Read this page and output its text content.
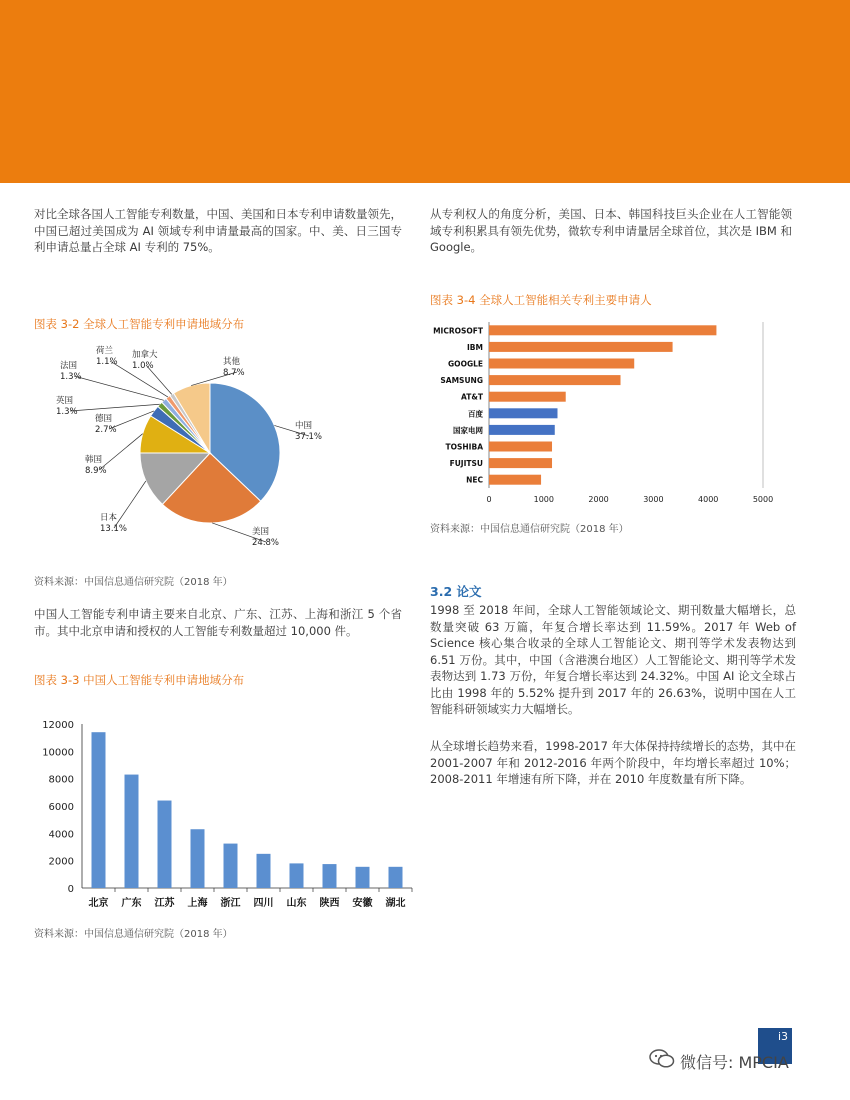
对比全球各国人工智能专利数量，中国、美国和日本专利申请数量领先，中国已超过美国成为 AI 领域专利申请量最高的国家。中、美、日三国专利申请总量占全球 AI 专利的 75%。

从专利权人的角度分析，美国、日本、韩国科技巨头企业在人工智能领域专利积累具有领先优势，微软专利申请量居全球首位，其次是 IBM 和 Google。

图表 3-2 全球人工智能专利申请地域分布
中国
37.1%
美国
24.8%
日本
13.1%
韩国
8.9%
德国
2.7%
英国
1.3%
法国
1.3%
荷兰
1.1%
加拿大
1.0%	其他
8.7%
资料来源：中国信息通信研究院（2018 年）

中国人工智能专利申请主要来自北京、广东、江苏、上海和浙江 5 个省市。其中北京申请和授权的人工智能专利数量超过 10,000 件。

图表 3-3 中国人工智能专利申请地域分布
0
2000
4000
6000
8000
10000
12000
北京 广东 江苏 上海 浙江 四川 山东 陕西 安徽 湖北
资料来源：中国信息通信研究院（2018 年）
图表 3-4 全球人工智能相关专利主要申请人
0	1000	2000	3000	4000	5000
MICROSOFT
IBM
GOOGLE
SAMSUNG
AT&T
百度
国家电网
TOSHIBA
FUJITSU
NEC
资料来源：中国信息通信研究院（2018 年）
3.2 论文

1998 至 2018 年间，全球人工智能领域论文、期刊数量大幅增长，总数量突破 63 万篇，年复合增长率达到 11.59%。2017 年 Web of Science 核心集合收录的全球人工智能论文、期刊等学术发表物达到 6.51 万份。其中，中国（含港澳台地区）人工智能论文、期刊等学术发表物达到 1.73 万份，年复合增长率达到 24.32%。中国 AI 论文全球占比由 1998 年的 5.52% 提升到 2017 年的 26.63%，说明中国在人工智能科研领域实力大幅增长。

从全球增长趋势来看，1998-2017 年大体保持持续增长的态势，其中在 2001-2007 年和 2012-2016 年两个阶段中，年均增长率超过 10%；2008-2011 年增速有所下降，并在 2010 年度数量有所下降。

i3
微信号: MPCIA
